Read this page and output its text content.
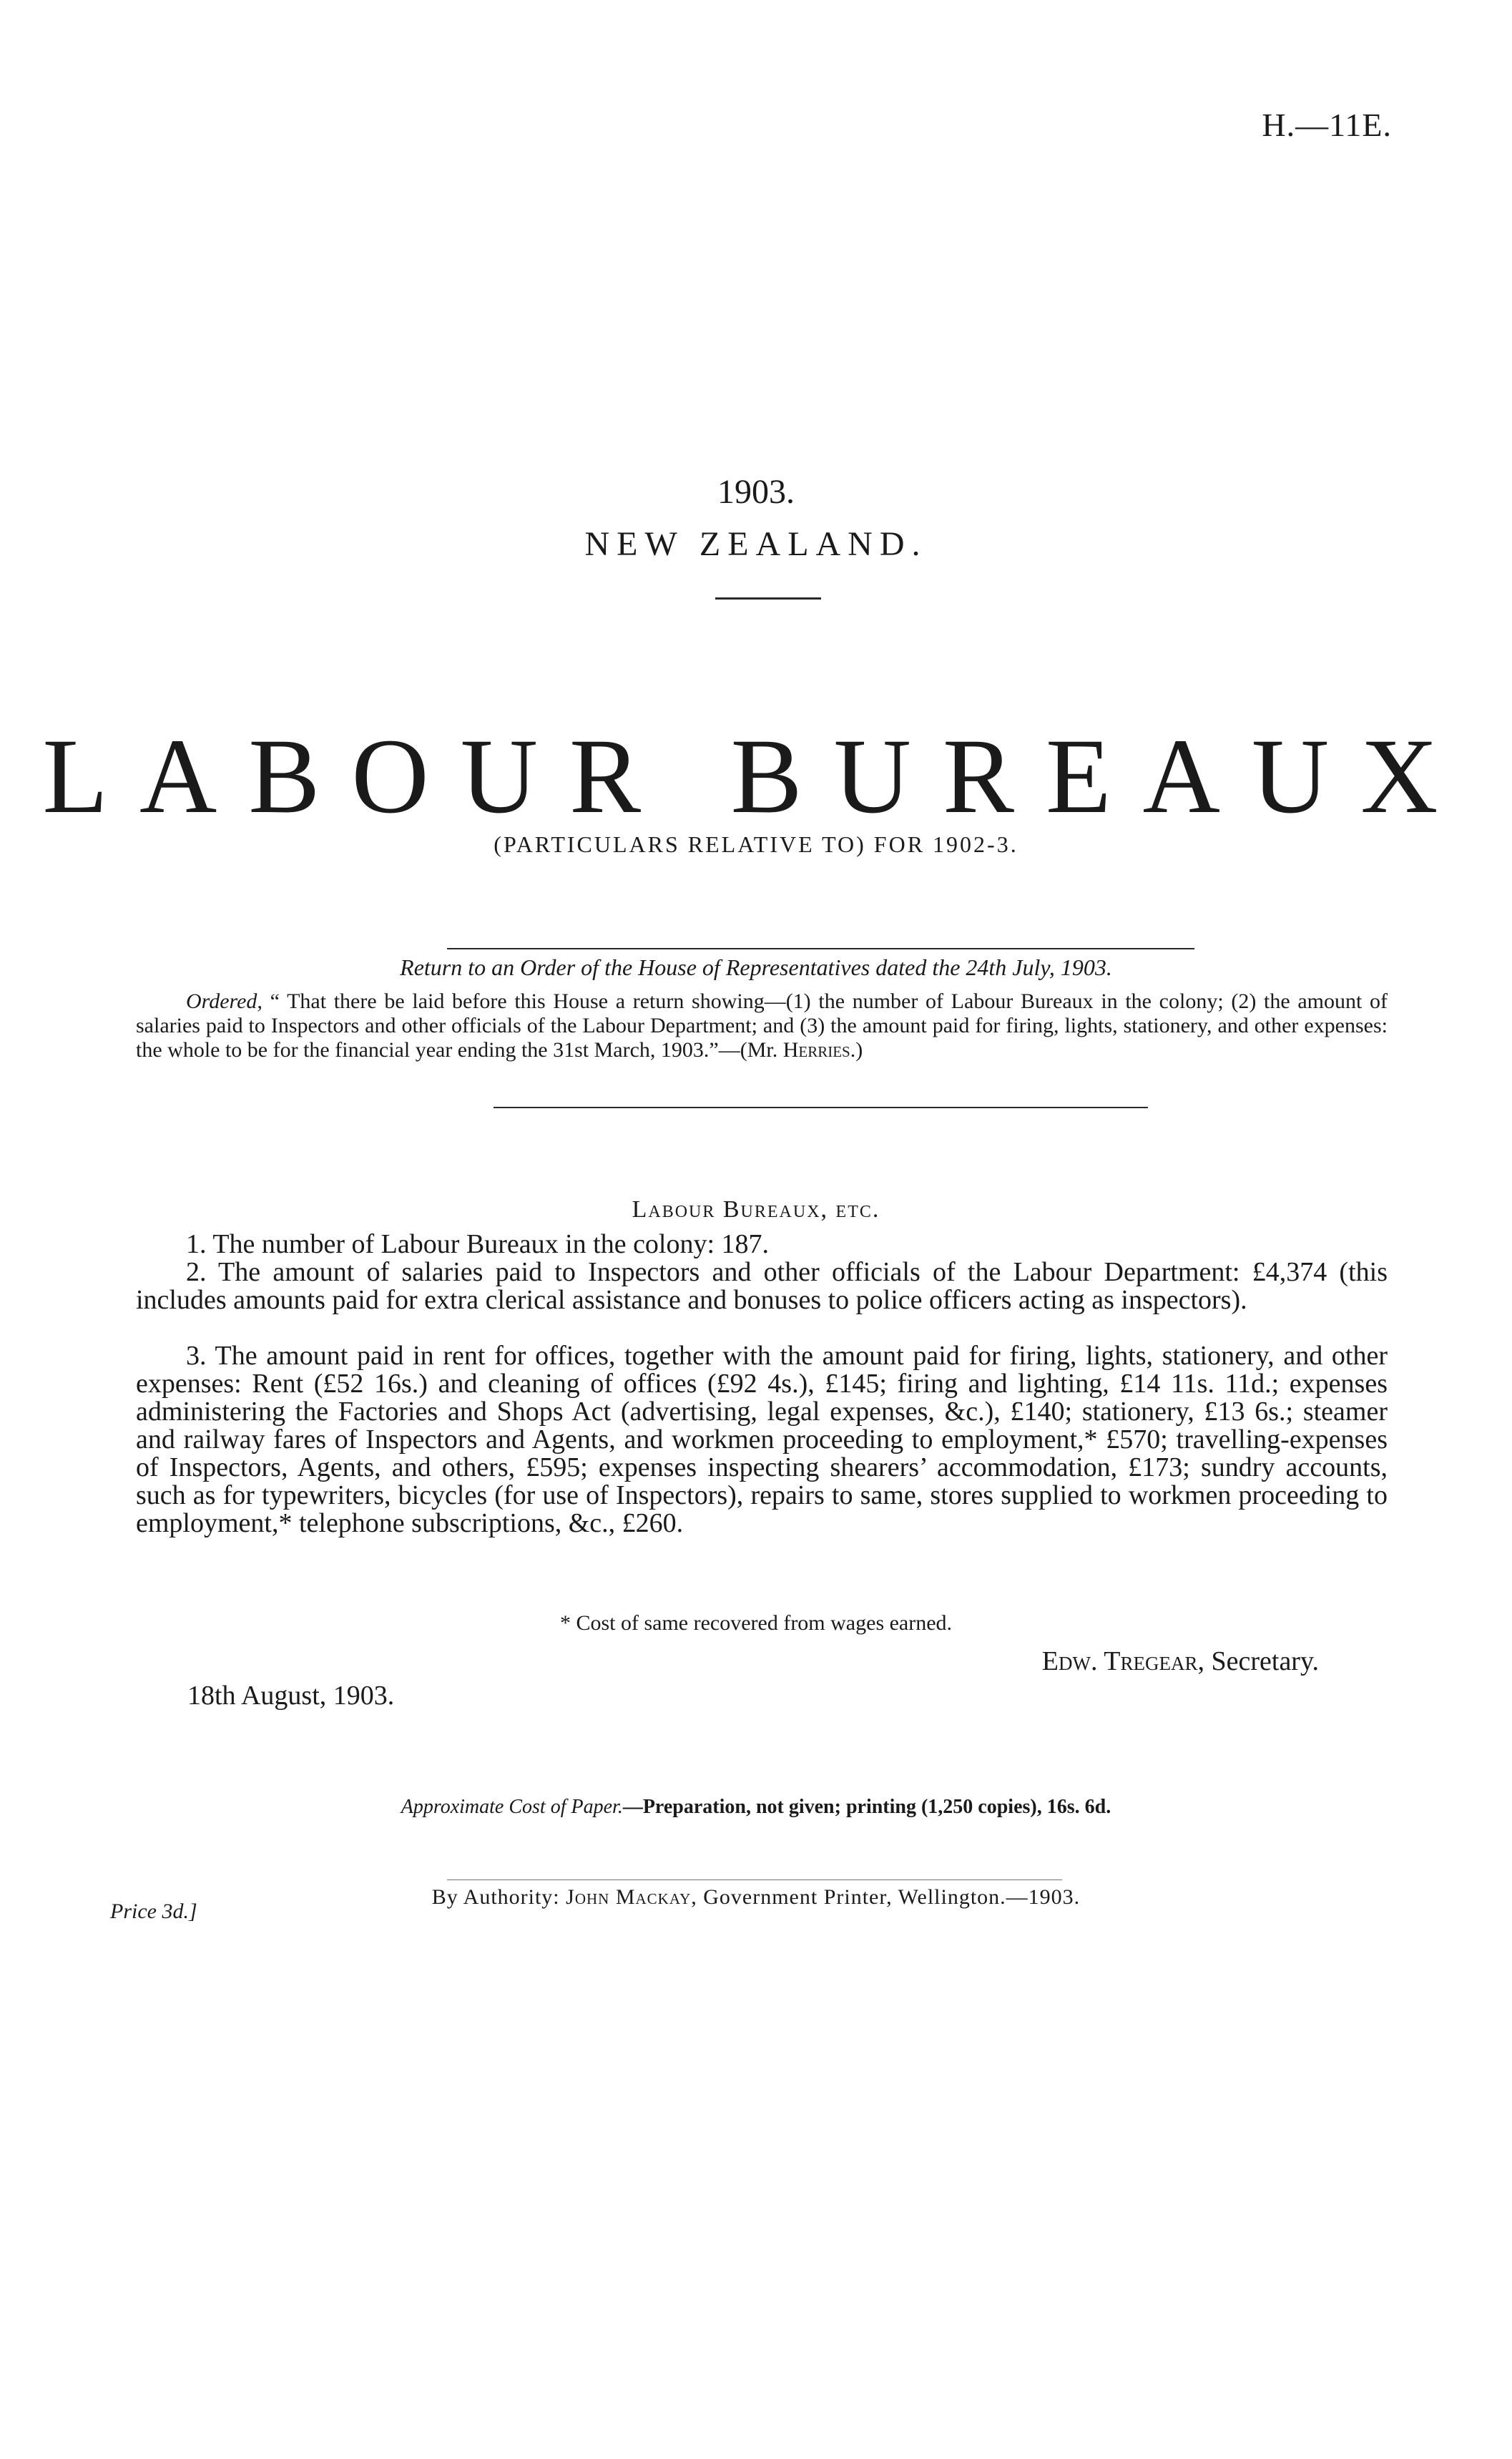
H.—11E.
1903.
NEW ZEALAND.
LABOUR BUREAUX
(PARTICULARS RELATIVE TO) FOR 1902-3.
Return to an Order of the House of Representatives dated the 24th July, 1903.
Ordered, “ That there be laid before this House a return showing—(1) the number of Labour Bureaux in the colony; (2) the amount of salaries paid to Inspectors and other officials of the Labour Department; and (3) the amount paid for firing, lights, stationery, and other expenses: the whole to be for the financial year ending the 31st March, 1903.”—(Mr. Herries.)
Labour Bureaux, etc.
1. The number of Labour Bureaux in the colony: 187.
2. The amount of salaries paid to Inspectors and other officials of the Labour Department: £4,374 (this includes amounts paid for extra clerical assistance and bonuses to police officers acting as inspectors).
3. The amount paid in rent for offices, together with the amount paid for firing, lights, stationery, and other expenses: Rent (£52 16s.) and cleaning of offices (£92 4s.), £145; firing and lighting, £14 11s. 11d.; expenses administering the Factories and Shops Act (advertising, legal expenses, &c.), £140; stationery, £13 6s.; steamer and railway fares of Inspectors and Agents, and workmen proceeding to employment,* £570; travelling-expenses of Inspectors, Agents, and others, £595; expenses inspecting shearers’ accommodation, £173; sundry accounts, such as for typewriters, bicycles (for use of Inspectors), repairs to same, stores supplied to workmen proceeding to employment,* telephone subscriptions, &c., £260.
* Cost of same recovered from wages earned.
Edw. Tregear, Secretary.
18th August, 1903.
Approximate Cost of Paper.—Preparation, not given; printing (1,250 copies), 16s. 6d.
By Authority: John Mackay, Government Printer, Wellington.—1903.
Price 3d.]
